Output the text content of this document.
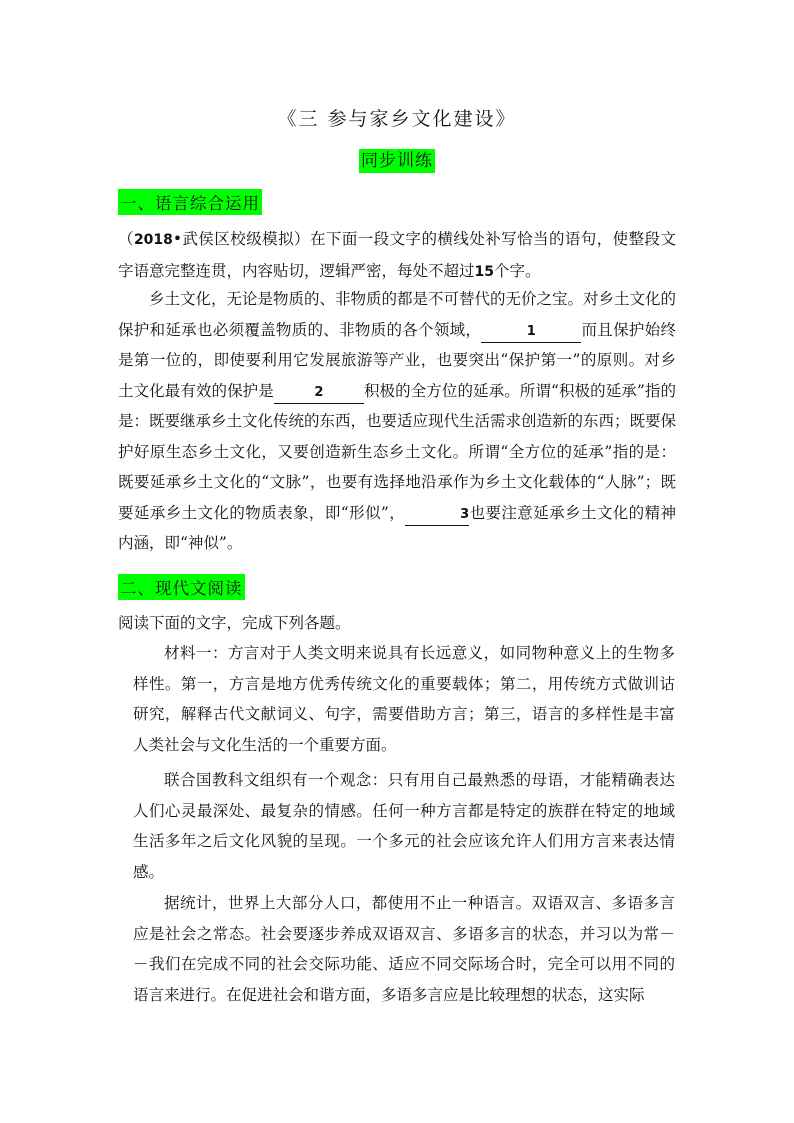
《三 参与家乡文化建设》
同步训练
一、语言综合运用

（2018•武侯区校级模拟）在下面一段文字的横线处补写恰当的语句，使整段文字语意完整连贯，内容贴切，逻辑严密，每处不超过15个字。

乡土文化，无论是物质的、非物质的都是不可替代的无价之宝。对乡土文化的保护和延承也必须覆盖物质的、非物质的各个领域，	1	而且保护始终是第一位的，即使要利用它发展旅游等产业，也要突出“保护第一”的原则。对乡土文化最有效的保护是	2	积极的全方位的延承。所谓“积极的延承”指的是：既要继承乡土文化传统的东西，也要适应现代生活需求创造新的东西；既要保护好原生态乡土文化，又要创造新生态乡土文化。所谓“全方位的延承”指的是：既要延承乡土文化的“文脉”，也要有选择地沿承作为乡土文化载体的“人脉”；既要延承乡土文化的物质表象，即“形似”，	3也要注意延承乡土文化的精神内涵，即“神似”。

二、现代文阅读

阅读下面的文字，完成下列各题。

材料一：方言对于人类文明来说具有长远意义，如同物种意义上的生物多样性。第一，方言是地方优秀传统文化的重要载体；第二，用传统方式做训诂研究，解释古代文献词义、句字，需要借助方言；第三，语言的多样性是丰富人类社会与文化生活的一个重要方面。

联合国教科文组织有一个观念：只有用自己最熟悉的母语，才能精确表达人们心灵最深处、最复杂的情感。任何一种方言都是特定的族群在特定的地域生活多年之后文化风貌的呈现。一个多元的社会应该允许人们用方言来表达情感。

据统计，世界上大部分人口，都使用不止一种语言。双语双言、多语多言应是社会之常态。社会要逐步养成双语双言、多语多言的状态，并习以为常－－我们在完成不同的社会交际功能、适应不同交际场合时，完全可以用不同的语言来进行。在促进社会和谐方面，多语多言应是比较理想的状态，这实际
